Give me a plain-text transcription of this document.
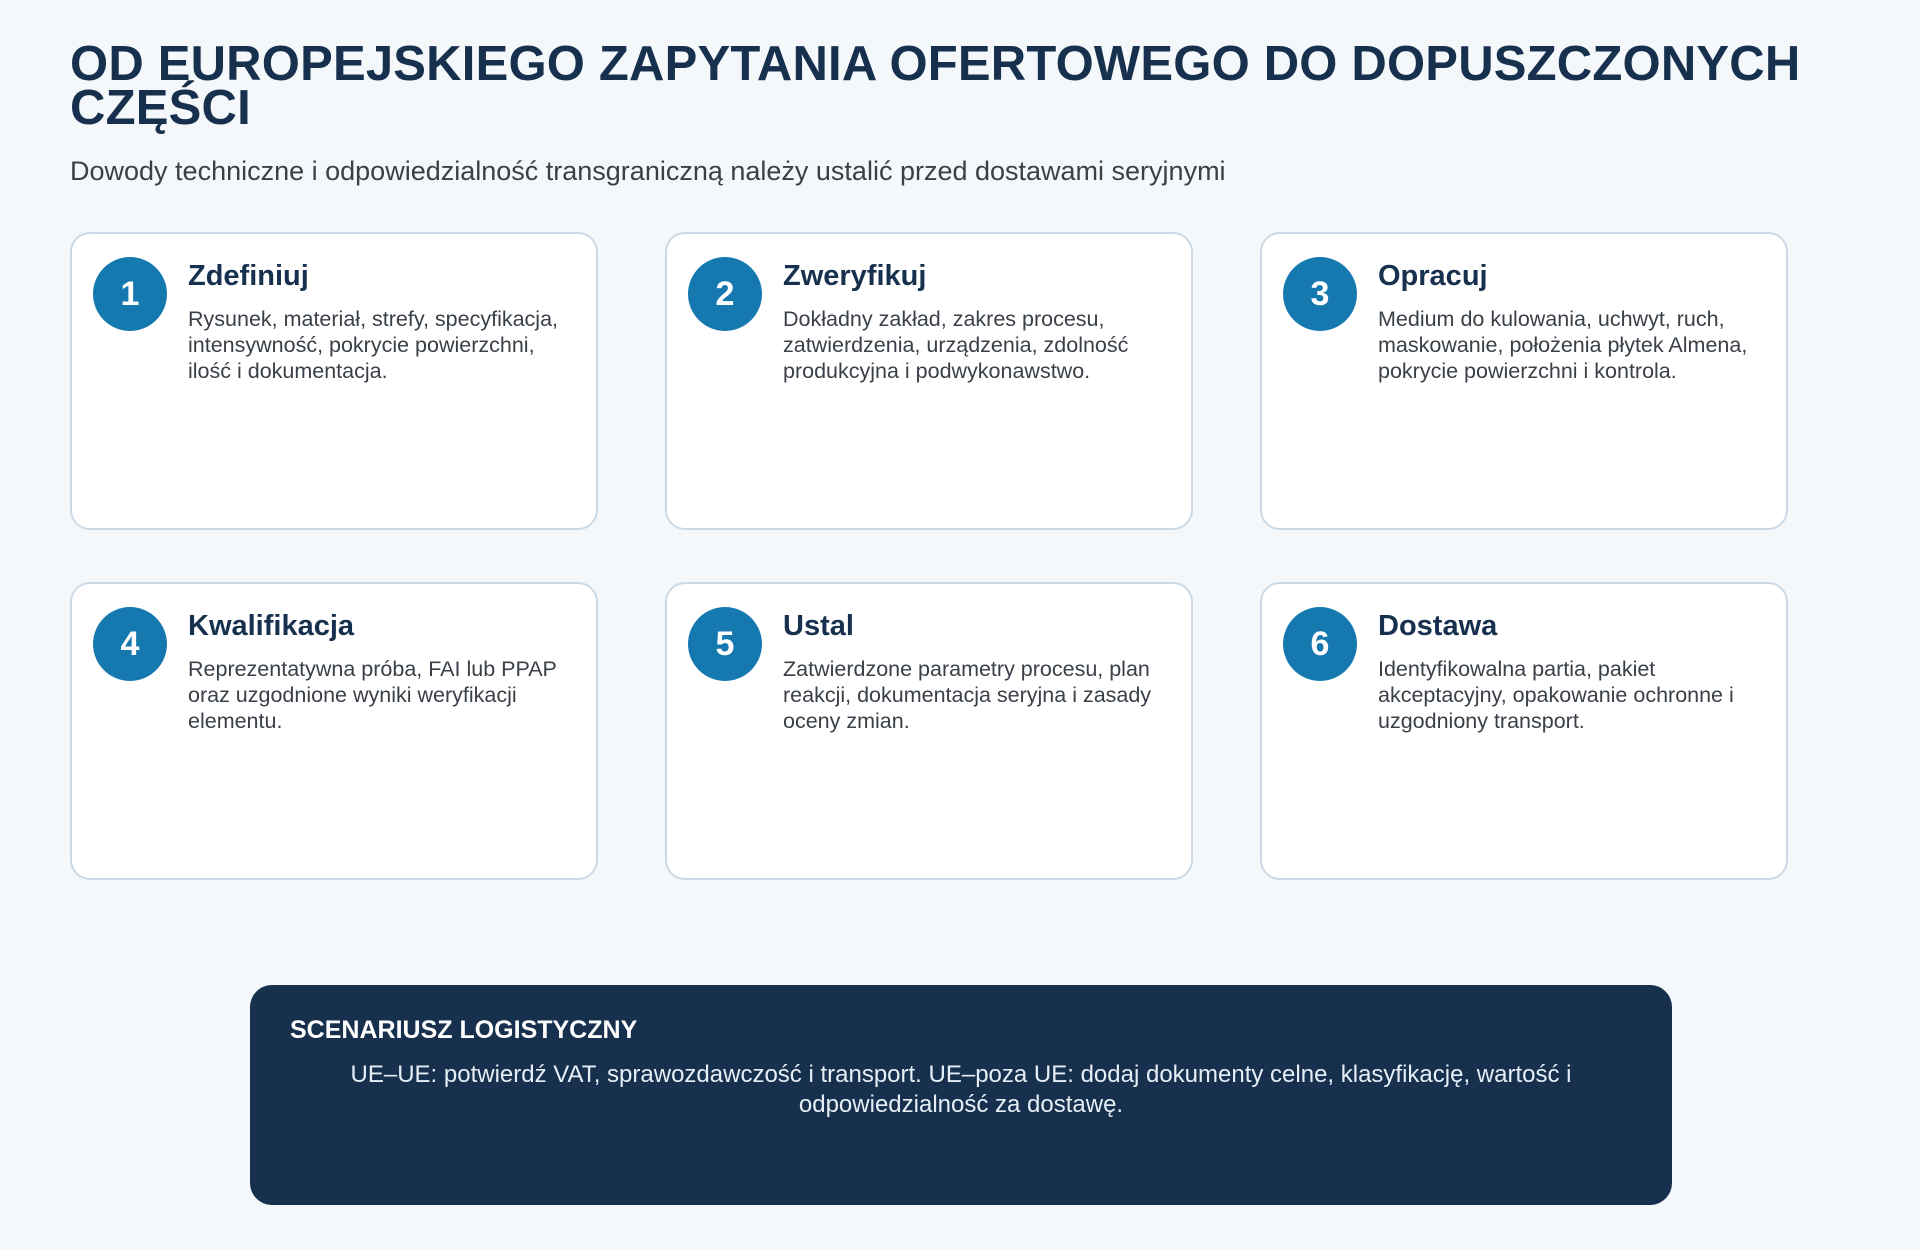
OD EUROPEJSKIEGO ZAPYTANIA OFERTOWEGO DO DOPUSZCZONYCH CZĘŚCI

Dowody techniczne i odpowiedzialność transgraniczną należy ustalić przed dostawami seryjnymi

1	Zdefiniuj
Rysunek, materiał, strefy, specyfikacja, intensywność, pokrycie powierzchni, ilość i dokumentacja.
2	Zweryfikuj
Dokładny zakład, zakres procesu, zatwierdzenia, urządzenia, zdolność produkcyjna i podwykonawstwo.
3	Opracuj
Medium do kulowania, uchwyt, ruch, maskowanie, położenia płytek Almena, pokrycie powierzchni i kontrola.
4	Kwalifikacja
Reprezentatywna próba, FAI lub PPAP oraz uzgodnione wyniki weryfikacji elementu.
5	Ustal
Zatwierdzone parametry procesu, plan reakcji, dokumentacja seryjna i zasady oceny zmian.
6	Dostawa
Identyfikowalna partia, pakiet akceptacyjny, opakowanie ochronne i uzgodniony transport.
SCENARIUSZ LOGISTYCZNY
UE–UE: potwierdź VAT, sprawozdawczość i transport. UE–poza UE: dodaj dokumenty celne, klasyfikację, wartość i odpowiedzialność za dostawę.
